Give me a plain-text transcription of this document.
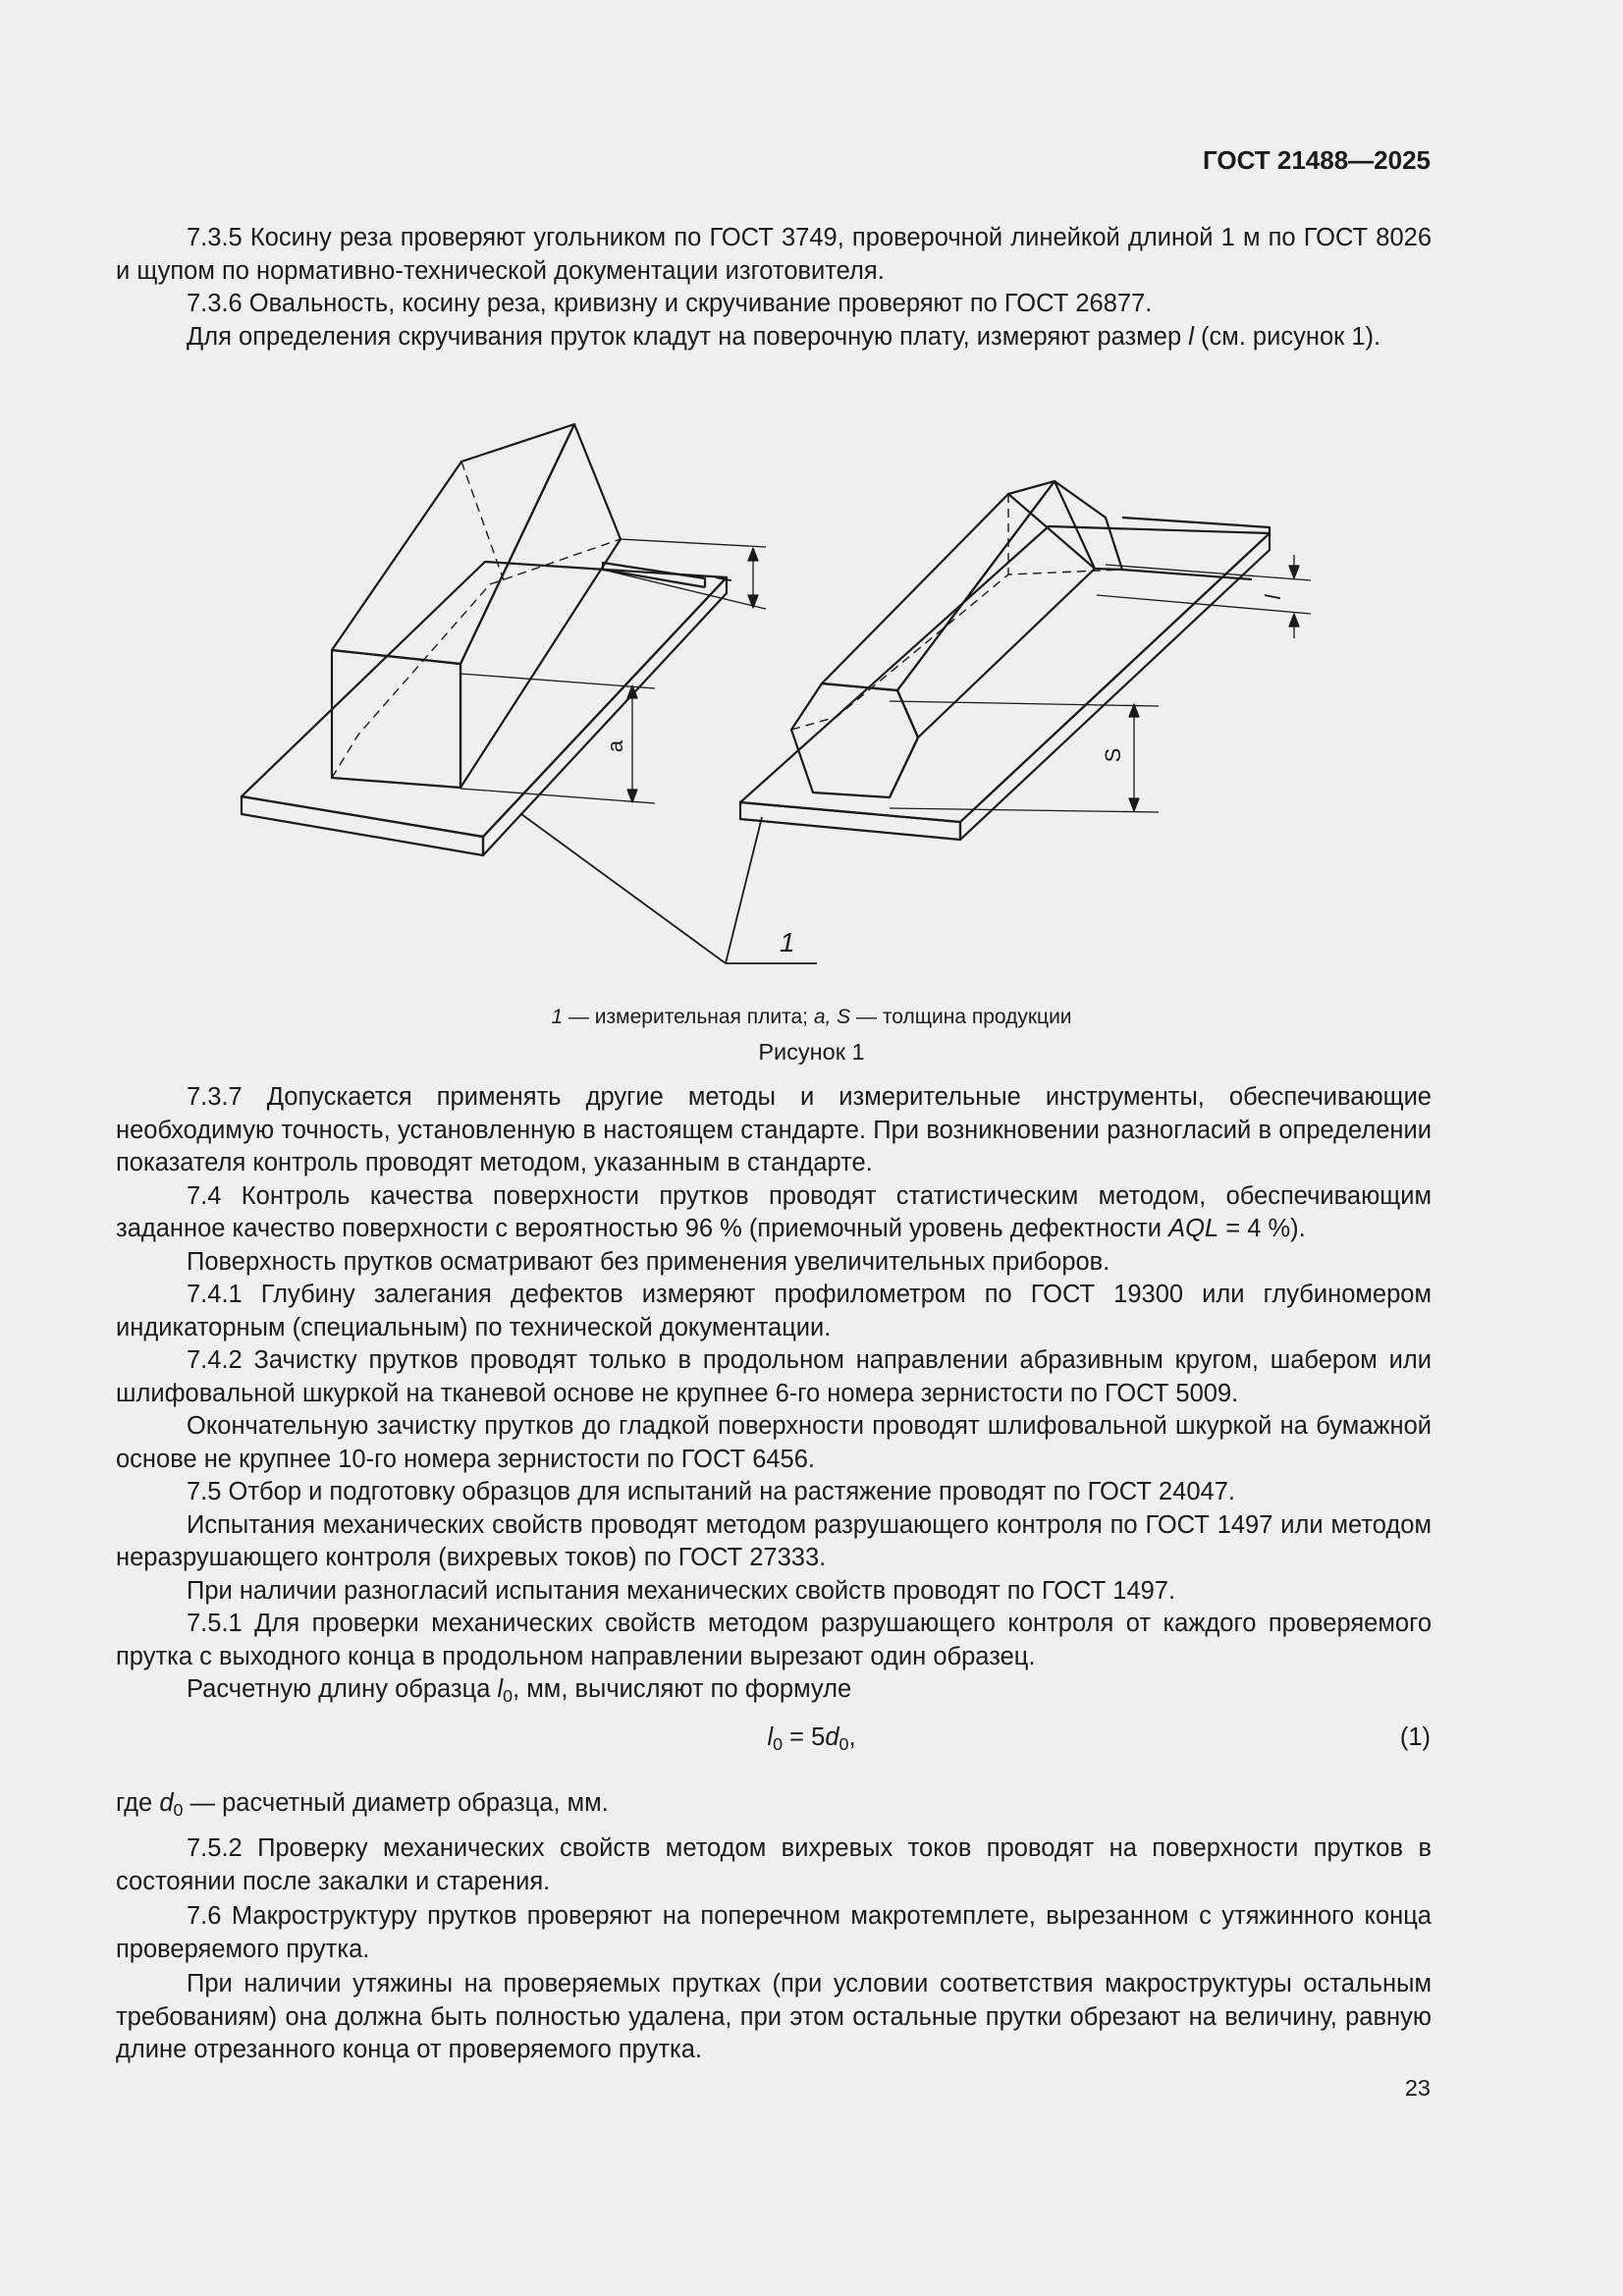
ГОСТ 21488—2025

7.3.5 Косину реза проверяют угольником по ГОСТ 3749, проверочной линейкой длиной 1 м по ГОСТ 8026 и щупом по нормативно-технической документации изготовителя.

7.3.6 Овальность, косину реза, кривизну и скручивание проверяют по ГОСТ 26877.

Для определения скручивания пруток кладут на поверочную плату, измеряют размер l (см. рисунок 1).

l
a
l
S
1
1 — измерительная плита; a, S — толщина продукции
Рисунок 1

7.3.7 Допускается применять другие методы и измерительные инструменты, обеспечивающие необходимую точность, установленную в настоящем стандарте. При возникновении разногласий в определении показателя контроль проводят методом, указанным в стандарте.

7.4 Контроль качества поверхности прутков проводят статистическим методом, обеспечивающим заданное качество поверхности с вероятностью 96 % (приемочный уровень дефектности AQL = 4 %).

Поверхность прутков осматривают без применения увеличительных приборов.

7.4.1 Глубину залегания дефектов измеряют профилометром по ГОСТ 19300 или глубиномером индикаторным (специальным) по технической документации.

7.4.2 Зачистку прутков проводят только в продольном направлении абразивным кругом, шабером или шлифовальной шкуркой на тканевой основе не крупнее 6-го номера зернистости по ГОСТ 5009.

Окончательную зачистку прутков до гладкой поверхности проводят шлифовальной шкуркой на бумажной основе не крупнее 10-го номера зернистости по ГОСТ 6456.

7.5 Отбор и подготовку образцов для испытаний на растяжение проводят по ГОСТ 24047.

Испытания механических свойств проводят методом разрушающего контроля по ГОСТ 1497 или методом неразрушающего контроля (вихревых токов) по ГОСТ 27333.

При наличии разногласий испытания механических свойств проводят по ГОСТ 1497.

7.5.1 Для проверки механических свойств методом разрушающего контроля от каждого проверяемого прутка с выходного конца в продольном направлении вырезают один образец.

Расчетную длину образца $l_0$, мм, вычисляют по формуле

$l_0 = 5d_0$,	(1)
где $d_0$ — расчетный диаметр образца, мм.

7.5.2 Проверку механических свойств методом вихревых токов проводят на поверхности прутков в состоянии после закалки и старения.

7.6 Макроструктуру прутков проверяют на поперечном макротемплете, вырезанном с утяжинного конца проверяемого прутка.

При наличии утяжины на проверяемых прутках (при условии соответствия макроструктуры остальным требованиям) она должна быть полностью удалена, при этом остальные прутки обрезают на величину, равную длине отрезанного конца от проверяемого прутка.

23
